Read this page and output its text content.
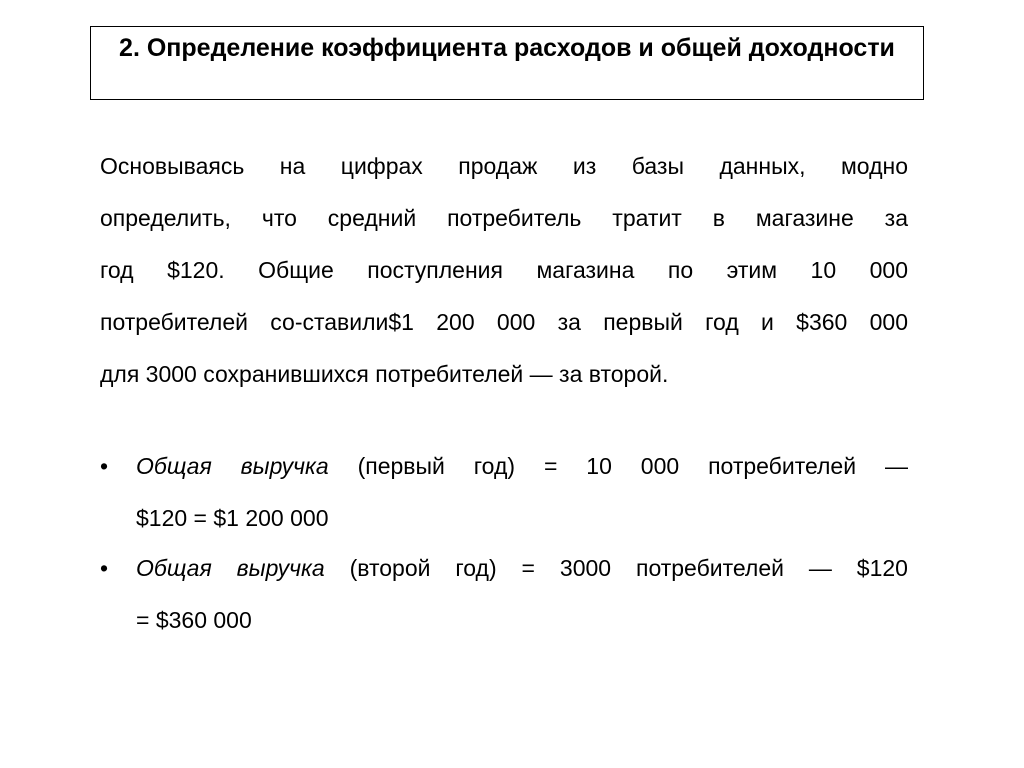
2. Определение коэффициента расходов и общей доходности
Основываясь на цифрах продаж из базы данных, модно
определить, что средний потребитель тратит в магазине за
год $120. Общие поступления магазина по этим 10 000
потребителей со-ставили$1 200 000 за первый год и $360 000
для 3000 сохранившихся потребителей — за второй.
• Общая выручка (первый год) = 10 000 потребителей —
$120 = $1 200 000
• Общая выручка (второй год) = 3000 потребителей — $120
= $360 000
